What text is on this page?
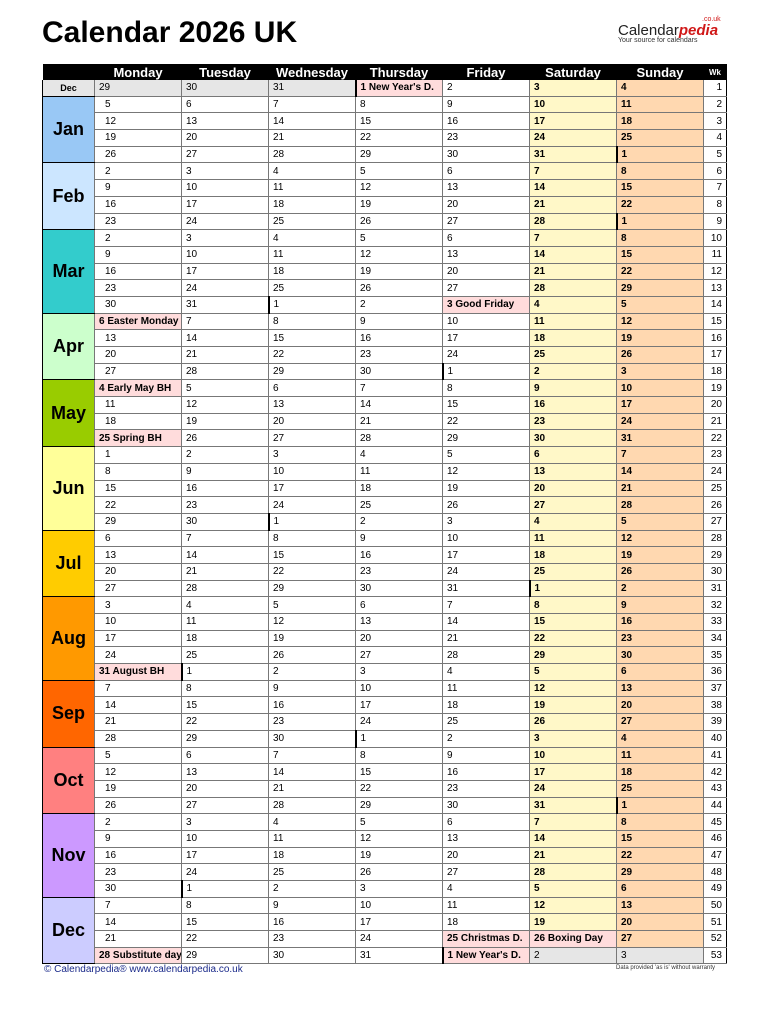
Calendar 2026 UK	.co.uk
Calendarpedia
Your source for calendars
	Monday	Tuesday	Wednesday	Thursday	Friday	Saturday	Sunday	Wk
Dec	29	30	31	1 New Year's D.	2	3	4	1
Jan	5	6	7	8	9	10	11	2
	12	13	14	15	16	17	18	3
	19	20	21	22	23	24	25	4
	26	27	28	29	30	31	1	5
Feb	2	3	4	5	6	7	8	6
	9	10	11	12	13	14	15	7
	16	17	18	19	20	21	22	8
	23	24	25	26	27	28	1	9
Mar	2	3	4	5	6	7	8	10
	9	10	11	12	13	14	15	11
	16	17	18	19	20	21	22	12
	23	24	25	26	27	28	29	13
	30	31	1	2	3 Good Friday	4	5	14
Apr	6 Easter Monday	7	8	9	10	11	12	15
	13	14	15	16	17	18	19	16
	20	21	22	23	24	25	26	17
	27	28	29	30	1	2	3	18
May	4 Early May BH	5	6	7	8	9	10	19
	11	12	13	14	15	16	17	20
	18	19	20	21	22	23	24	21
	25 Spring BH	26	27	28	29	30	31	22
Jun	1	2	3	4	5	6	7	23
	8	9	10	11	12	13	14	24
	15	16	17	18	19	20	21	25
	22	23	24	25	26	27	28	26
	29	30	1	2	3	4	5	27
Jul	6	7	8	9	10	11	12	28
	13	14	15	16	17	18	19	29
	20	21	22	23	24	25	26	30
	27	28	29	30	31	1	2	31
Aug	3	4	5	6	7	8	9	32
	10	11	12	13	14	15	16	33
	17	18	19	20	21	22	23	34
	24	25	26	27	28	29	30	35
	31 August BH	1	2	3	4	5	6	36
Sep	7	8	9	10	11	12	13	37
	14	15	16	17	18	19	20	38
	21	22	23	24	25	26	27	39
	28	29	30	1	2	3	4	40
Oct	5	6	7	8	9	10	11	41
	12	13	14	15	16	17	18	42
	19	20	21	22	23	24	25	43
	26	27	28	29	30	31	1	44
Nov	2	3	4	5	6	7	8	45
	9	10	11	12	13	14	15	46
	16	17	18	19	20	21	22	47
	23	24	25	26	27	28	29	48
	30	1	2	3	4	5	6	49
Dec	7	8	9	10	11	12	13	50
	14	15	16	17	18	19	20	51
	21	22	23	24	25 Christmas D.	26 Boxing Day	27	52
	28 Substitute day	29	30	31	1 New Year's D.	2	3	53
© Calendarpedia® www.calendarpedia.co.uk	Data provided 'as is' without warranty
